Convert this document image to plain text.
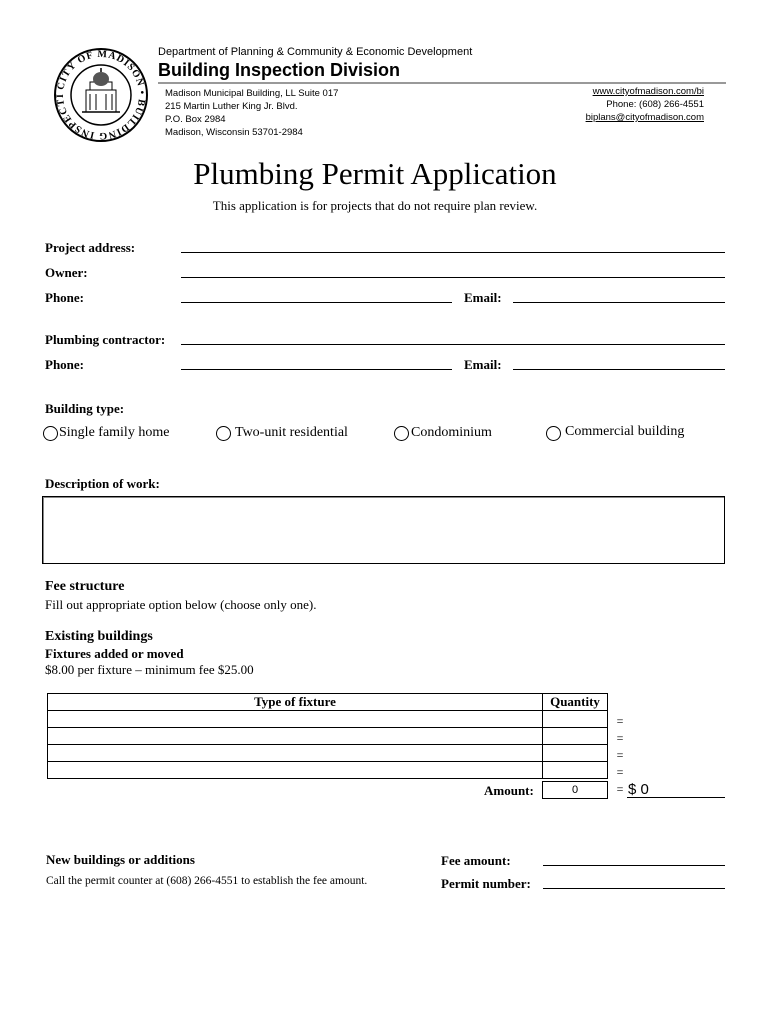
CITY OF MADISON • BUILDING INSPECTI
Department of Planning & Community & Economic Development
Building Inspection Division
Madison Municipal Building, LL Suite 017
215 Martin Luther King Jr. Blvd.
P.O. Box 2984
Madison, Wisconsin 53701-2984
www.cityofmadison.com/bi
Phone: (608) 266-4551
biplans@cityofmadison.com
Plumbing Permit Application
This application is for projects that do not require plan review.
Project address:
Owner:
Phone:	Email:
Plumbing contractor:
Phone:	Email:
Building type:
Single family home	Two-unit residential	Condominium	Commercial building
Description of work:
Fee structure
Fill out appropriate option below (choose only one).
Existing buildings
Fixtures added or moved
$8.00 per fixture – minimum fee $25.00
Type of fixture	Quantity	

=
=
=
=
Amount:	0	= $ 0
New buildings or additions
Call the permit counter at (608) 266-4551 to establish the fee amount.
Fee amount:
Permit number:
